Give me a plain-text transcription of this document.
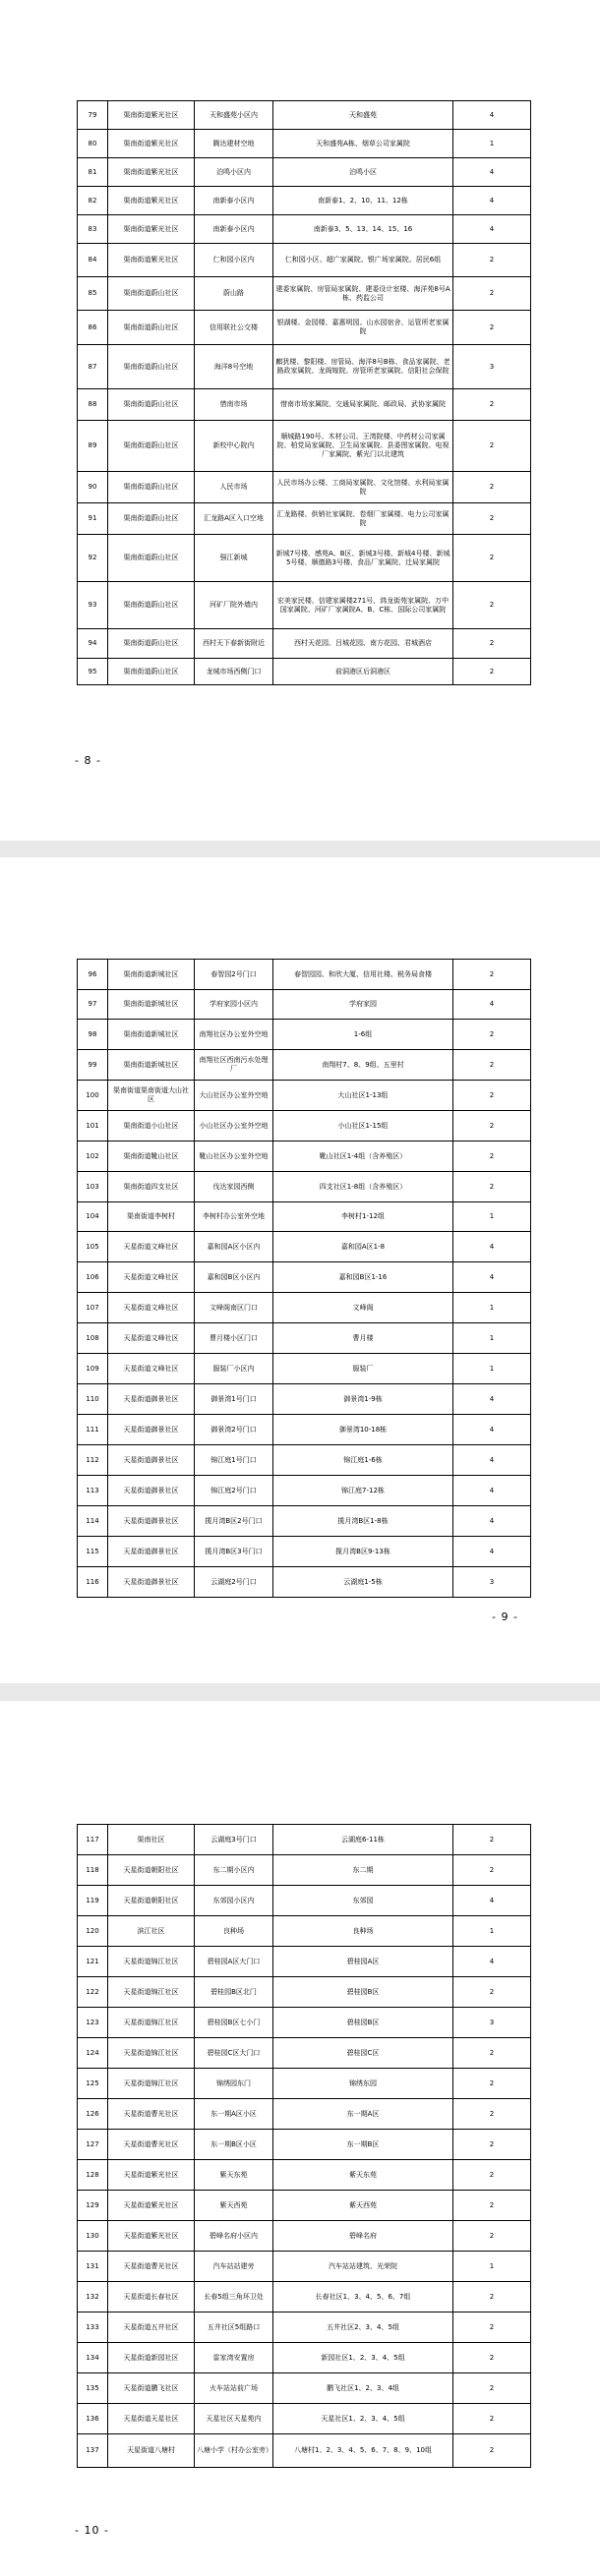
79	渠南街道紫光社区	天和盛苑小区内	天和盛苑	4
80	渠南街道紫光社区	腾达建材空地	天和盛苑A栋、烟草公司家属院	1
81	渠南街道紫光社区	泊鸣小区内	泊鸣小区	4
82	渠南街道紫光社区	南新泰小区内	南新泰1、2、10、11、12栋	4
83	渠南街道紫光社区	南新泰小区内	南新泰3、5、13、14、15、16	4
84	渠南街道紫光社区	仁和园小区内	仁和园小区、超广家属院、银广场家属院、居民6组	2
85	渠南街道蔚山社区	蔚山路	建委家属院、房管局家属院、建委设计室楼、海洋苑8号A栋、药监公司	2
86	渠南街道蔚山社区	信用联社公交楼	银湖楼、金园楼、嘉惠明园、山水园宿舍、运管所老家属院	2
87	渠南街道蔚山社区	海洋8号空地	麒犹楼、黎阳楼、房管局、海洋8号B栋、食品家属院、老路政家属院、龙阁嫁院、房管所老家属院、信阳社会保院	3
88	渠南街道蔚山社区	惜南市场	惜南市场家属院、交通局家属院、邮政局、武协家属院	2
89	渠南街道蔚山社区	新校中心院内	顺城路190号、木材公司、王湾院楼、中药材公司家属院、柏党局家属院、卫生局家属院、县委图家属院、电视厂家属院、紫光门以北建筑	2
90	渠南街道蔚山社区	人民市场	人民市场办公楼、工商局家属院、文化馆楼、水利局家属院	2
91	渠南街道蔚山社区	汇龙路A区入口空地	汇龙路楼、供销社家属院、卷烟厂家属楼、电力公司家属院	2
92	渠南街道蔚山社区	强江新城	新城7号楼、感苑A、B区、新城3号楼、新城4号楼、新城5号楼、顺德路3号楼、食品厂家属院、迁局家属院	2
93	渠南街道蔚山社区	河矿厂院外墙内	宏美家民楼、信建家属楼271号、鸿龙街苑家属院、万中国家属院、河矿厂家属院A、B、C栋、国际公司家属院	2
94	渠南街道蔚山社区	西村天下春新街附近	西村天花园、吕城花园、南方花园、君城酒店	2
95	渠南街道蔚山社区	龙城市场西侧门口	前洞港区后洞港区	2
- 8 -
96	渠南街道新城社区	春智园2号门口	春智园园、和欣大厦、信用社楼、税务局食楼	2
97	渠南街道新城社区	学府家园小区内	学府家园	4
98	渠南街道新城社区	南翔社区办公室外空地	1-6组	2
99	渠南街道新城社区	南翔社区西南污水处理厂	南翔村7、8、9组、五里村	2
100	渠南街道渠南街道大山社区	大山社区办公室外空地	大山社区1-13组	2
101	渠南街道小山社区	小山社区办公室外空地	小山社区1-15组	2
102	渠南街道靴山社区	靴山社区办公室外空地	靴山社区1-4组（含养殖区）	2
103	渠南街道四支社区	伐达家园西侧	四支社区1-8组（含养殖区）	2
104	渠南街道李树村	李树村办公室外空地	李树村1-12组	1
105	天星街道文峰社区	嘉和园A区小区内	嘉和园A区1-8	4
106	天星街道文峰社区	嘉和园B区小区内	嘉和园B区1-16	4
107	天星街道文峰社区	文峰阁南区门口	文峰阁	1
108	天星街道文峰社区	曹月楼小区门口	曹月楼	1
109	天星街道文峰社区	服装厂小区内	服装厂	1
110	天星街道御景社区	御景湾1号门口	御景湾1-9栋	4
111	天星街道御景社区	御景湾2号门口	御景湾10-18栋	4
112	天星街道御景社区	锦江庭1号门口	锦江庭1-6栋	4
113	天星街道御景社区	锦江庭2号门口	锦江庭7-12栋	4
114	天星街道御景社区	揽月湾B区2号门口	揽月湾B区1-8栋	4
115	天星街道御景社区	揽月湾B区3号门口	揽月湾B区9-13栋	4
116	天星街道御景社区	云湖庭2号门口	云湖庭1-5栋	3
- 9 -
117	渠南社区	云湖庭3号门口	云湖庭6-11栋	2
118	天星街道朝阳社区	东二期小区内	东二期	2
119	天星街道朝阳社区	东郊园小区内	东郊园	4
120	滨江社区	良种场	良种场	1
121	天星街道锦江社区	碧桂园A区大门口	碧桂园A区	4
122	天星街道锦江社区	碧桂园B区北门	碧桂园B区	2
123	天星街道锦江社区	碧桂园B区七小门	碧桂园B区	3
124	天星街道锦江社区	碧桂园C区大门口	碧桂园C区	2
125	天星街道锦江社区	锦绣园东门	锦绣东园	2
126	天星街道曹光社区	东一期A区小区	东一期A区	2
127	天星街道曹光社区	东一期B区小区	东一期B区	2
128	天星街道紫光社区	紫天东苑	紫天东苑	2
129	天星街道紫光社区	紫天西苑	紫天西苑	2
130	天星街道紫光社区	碧峰名府小区内	碧峰名府	2
131	天星街道曹光社区	汽车站站建旁	汽车站站建筑、光荣院	1
132	天星街道长春社区	长春5组三角环卫处	长春社区1、3、4、5、6、7组	2
133	天星街道五井社区	五井社区5组路口	五井社区2、3、4、5组	2
134	天星街道新园社区	雷家湾安置房	新园社区1、2、3、4、5组	2
135	天星街道鹏飞社区	火车站站前广场	鹏飞社区1、2、3、4组	2
136	天星街道天星社区	天星社区天星苑内	天星社区1、2、3、4、5组	2
137	天星街道八塘村	八塘小学（村办公室旁）	八塘村1、2、3、4、5、6、7、8、9、10组	2
- 10 -
